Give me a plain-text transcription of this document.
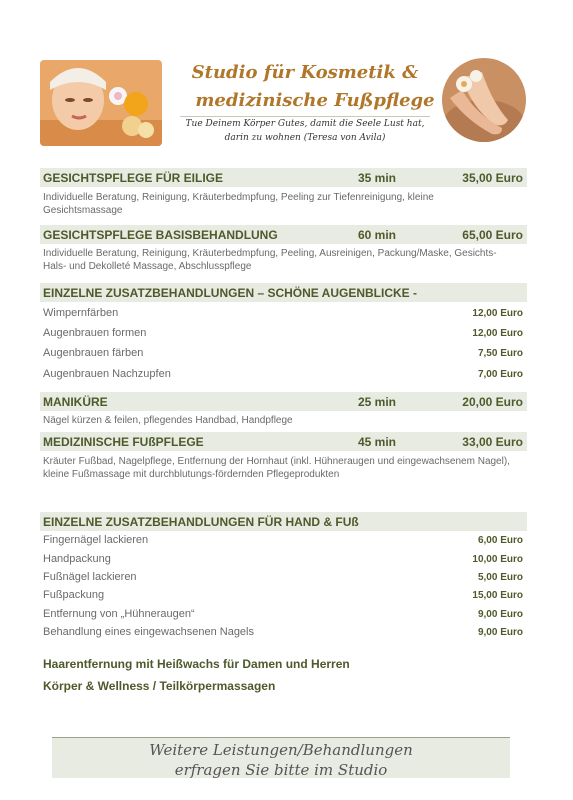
Studio für Kosmetik &
medizinische Fußpflege
Tue Deinem Körper Gutes, damit die Seele Lust hat,
darin zu wohnen (Teresa von Avila)
GESICHTSPFLEGE FÜR EILIGE	35 min	35,00 Euro
Individuelle Beratung, Reinigung, Kräuterbedmpfung, Peeling zur Tiefenreinigung, kleine Gesichtsmassage
GESICHTSPFLEGE BASISBEHANDLUNG	60 min	65,00 Euro
Individuelle Beratung, Reinigung, Kräuterbedmpfung, Peeling, Ausreinigen, Packung/Maske, Gesichts-Hals- und Dekolleté Massage, Abschlusspflege
EINZELNE ZUSATZBEHANDLUNGEN – SCHÖNE AUGENBLICKE -
Wimpernfärben	12,00 Euro
Augenbrauen formen	12,00 Euro
Augenbrauen färben	7,50 Euro
Augenbrauen Nachzupfen	7,00 Euro
MANIKÜRE	25 min	20,00 Euro
Nägel kürzen & feilen, pflegendes Handbad, Handpflege
MEDIZINISCHE FUßPFLEGE	45 min	33,00 Euro
Kräuter Fußbad, Nagelpflege, Entfernung der Hornhaut (inkl. Hühneraugen und eingewachsenem Nagel), kleine Fußmassage mit durchblutungs-fördernden Pflegeprodukten
EINZELNE ZUSATZBEHANDLUNGEN FÜR HAND & FUß
Fingernägel lackieren	6,00 Euro
Handpackung	10,00 Euro
Fußnägel lackieren	5,00 Euro
Fußpackung	15,00 Euro
Entfernung von „Hühneraugen“	9,00 Euro
Behandlung eines eingewachsenen Nagels	9,00 Euro
Haarentfernung mit Heißwachs für Damen und Herren
Körper & Wellness / Teilkörpermassagen
Weitere Leistungen/Behandlungen
erfragen Sie bitte im Studio
